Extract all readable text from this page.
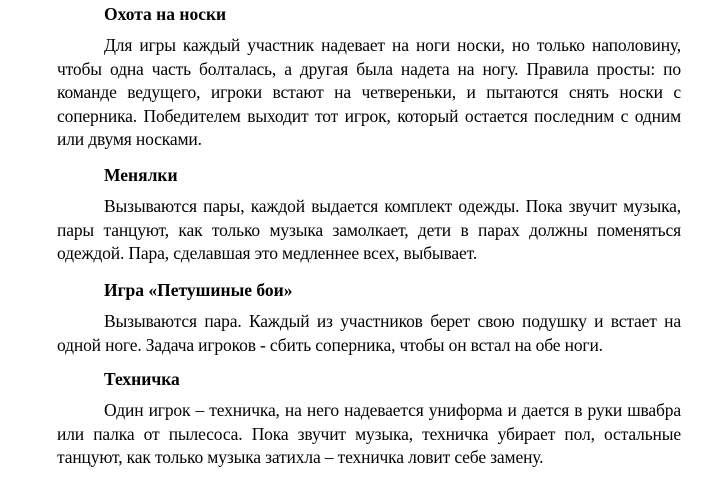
Охота на носки

Для игры каждый участник надевает на ноги носки, но только наполовину, чтобы одна часть болталась, а другая была надета на ногу. Правила просты: по команде ведущего, игроки встают на четвереньки, и пытаются снять носки с соперника. Победителем выходит тот игрок, который остается последним с одним или двумя носками.

Менялки

Вызываются пары, каждой выдается комплект одежды. Пока звучит музыка, пары танцуют, как только музыка замолкает, дети в парах должны поменяться одеждой. Пара, сделавшая это медленнее всех, выбывает.

Игра «Петушиные бои»

Вызываются пара. Каждый из участников берет свою подушку и встает на одной ноге. Задача игроков - сбить соперника, чтобы он встал на обе ноги.

Техничка

Один игрок – техничка, на него надевается униформа и дается в руки швабра или палка от пылесоса. Пока звучит музыка, техничка убирает пол, остальные танцуют, как только музыка затихла – техничка ловит себе замену.
